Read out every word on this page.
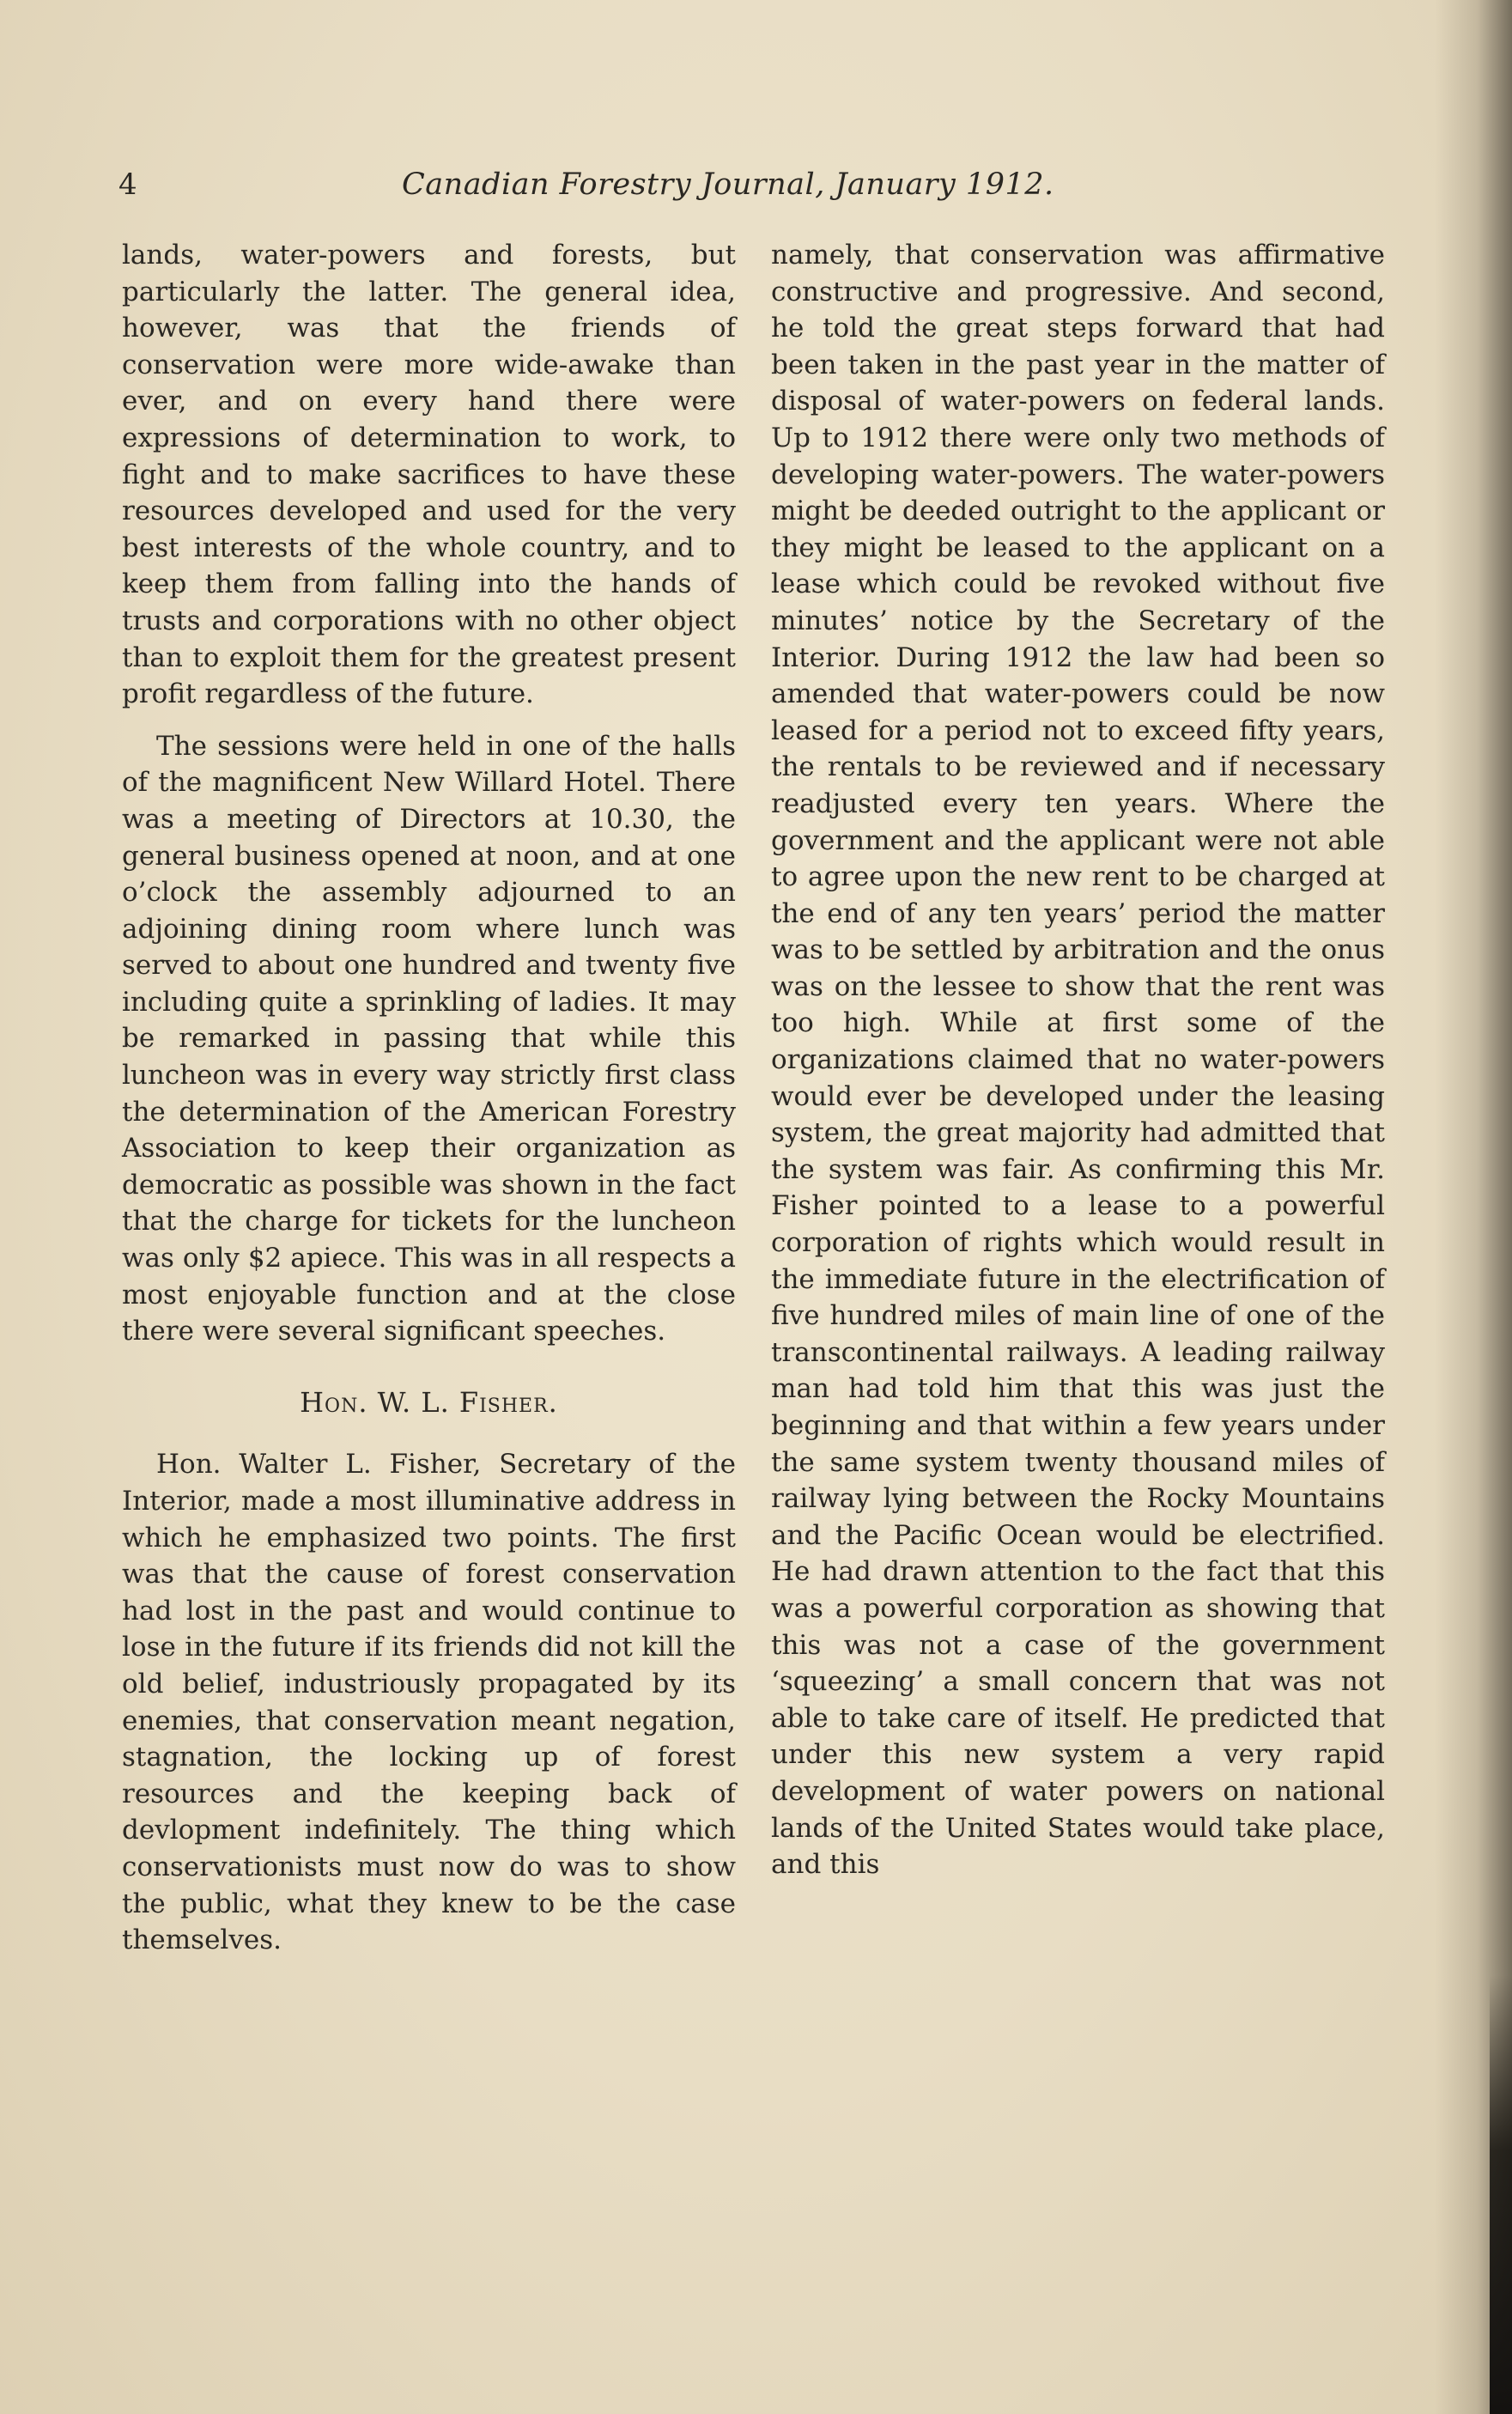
4	Canadian Forestry Journal, January 1912.

lands, water-powers and forests, but particularly the latter. The general idea, however, was that the friends of conservation were more wide-awake than ever, and on every hand there were expressions of determination to work, to fight and to make sacrifices to have these resources developed and used for the very best interests of the whole country, and to keep them from falling into the hands of trusts and corporations with no other object than to exploit them for the greatest present profit regardless of the future.

The sessions were held in one of the halls of the magnificent New Willard Hotel. There was a meeting of Directors at 10.30, the general business opened at noon, and at one o’clock the assembly adjourned to an adjoining dining room where lunch was served to about one hundred and twenty five including quite a sprinkling of ladies. It may be remarked in passing that while this luncheon was in every way strictly first class the determination of the American Forestry Association to keep their organization as democratic as possible was shown in the fact that the charge for tickets for the luncheon was only $2 apiece. This was in all respects a most enjoyable function and at the close there were several significant speeches.

Hon. W. L. Fisher.

Hon. Walter L. Fisher, Secretary of the Interior, made a most illuminative address in which he emphasized two points. The first was that the cause of forest conservation had lost in the past and would continue to lose in the future if its friends did not kill the old belief, industriously propagated by its enemies, that conservation meant negation, stagnation, the locking up of forest resources and the keeping back of devlopment indefinitely. The thing which conservationists must now do was to show the public, what they knew to be the case themselves.

namely, that conservation was affirmative constructive and progressive. And second, he told the great steps forward that had been taken in the past year in the matter of disposal of water-powers on federal lands. Up to 1912 there were only two methods of developing water-powers. The water-powers might be deeded outright to the applicant or they might be leased to the applicant on a lease which could be revoked without five minutes’ notice by the Secretary of the Interior. During 1912 the law had been so amended that water-powers could be now leased for a period not to exceed fifty years, the rentals to be reviewed and if necessary readjusted every ten years. Where the government and the applicant were not able to agree upon the new rent to be charged at the end of any ten years’ period the matter was to be settled by arbitration and the onus was on the lessee to show that the rent was too high. While at first some of the organizations claimed that no water-powers would ever be developed under the leasing system, the great majority had admitted that the system was fair. As confirming this Mr. Fisher pointed to a lease to a powerful corporation of rights which would result in the immediate future in the electrification of five hundred miles of main line of one of the transcontinental railways. A leading railway man had told him that this was just the beginning and that within a few years under the same system twenty thousand miles of railway lying between the Rocky Mountains and the Pacific Ocean would be electrified. He had drawn attention to the fact that this was a powerful corporation as showing that this was not a case of the government ‘squeezing’ a small concern that was not able to take care of itself. He predicted that under this new system a very rapid development of water powers on national lands of the United States would take place, and this
